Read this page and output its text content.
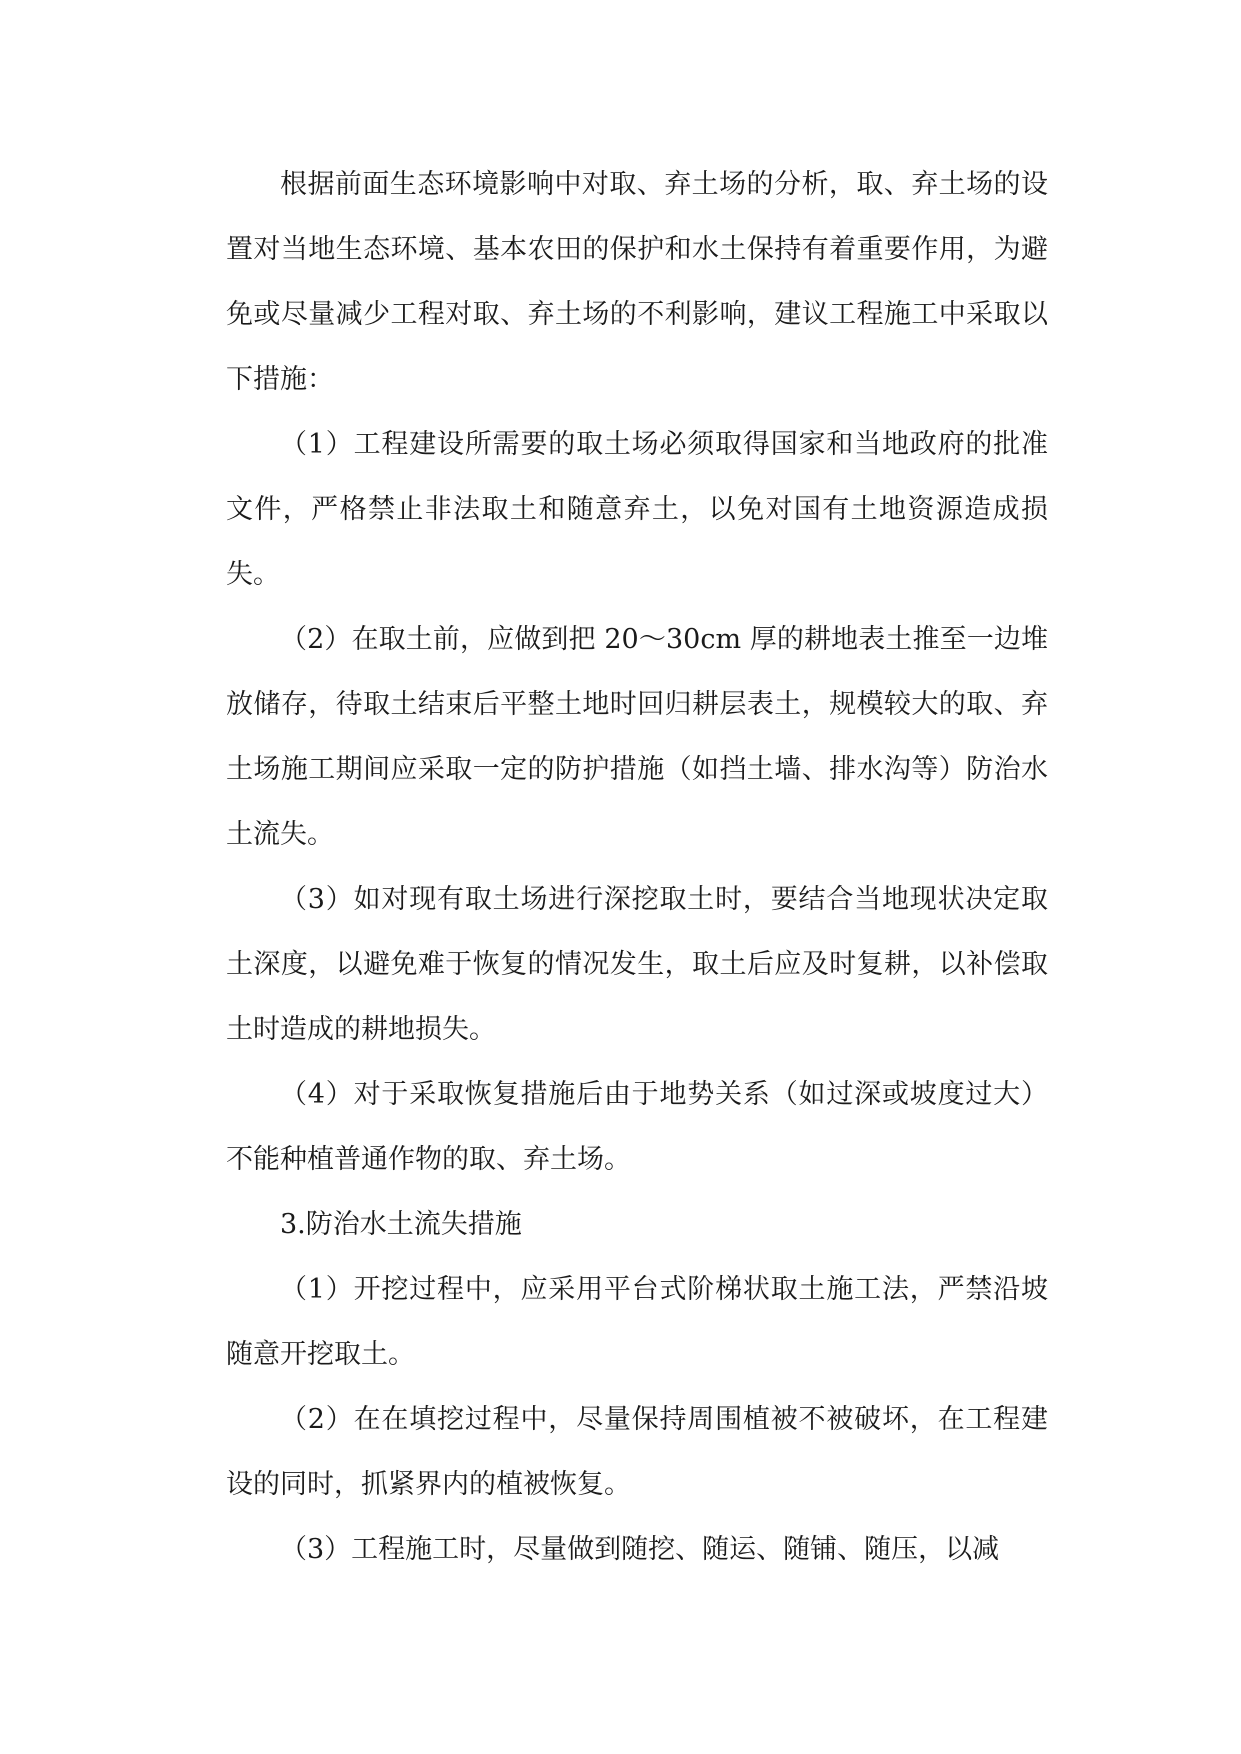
根据前面生态环境影响中对取、弃土场的分析，取、弃土场的设置对当地生态环境、基本农田的保护和水土保持有着重要作用，为避免或尽量减少工程对取、弃土场的不利影响，建议工程施工中采取以下措施：

（1）工程建设所需要的取土场必须取得国家和当地政府的批准文件，严格禁止非法取土和随意弃土，以免对国有土地资源造成损失。

（2）在取土前，应做到把 20～30cm 厚的耕地表土推至一边堆放储存，待取土结束后平整土地时回归耕层表土，规模较大的取、弃土场施工期间应采取一定的防护措施（如挡土墙、排水沟等）防治水土流失。

（3）如对现有取土场进行深挖取土时，要结合当地现状决定取土深度，以避免难于恢复的情况发生，取土后应及时复耕，以补偿取土时造成的耕地损失。

（4）对于采取恢复措施后由于地势关系（如过深或坡度过大）不能种植普通作物的取、弃土场。

3.防治水土流失措施

（1）开挖过程中，应采用平台式阶梯状取土施工法，严禁沿坡随意开挖取土。

（2）在在填挖过程中，尽量保持周围植被不被破坏，在工程建设的同时，抓紧界内的植被恢复。

（3）工程施工时，尽量做到随挖、随运、随铺、随压，以减
